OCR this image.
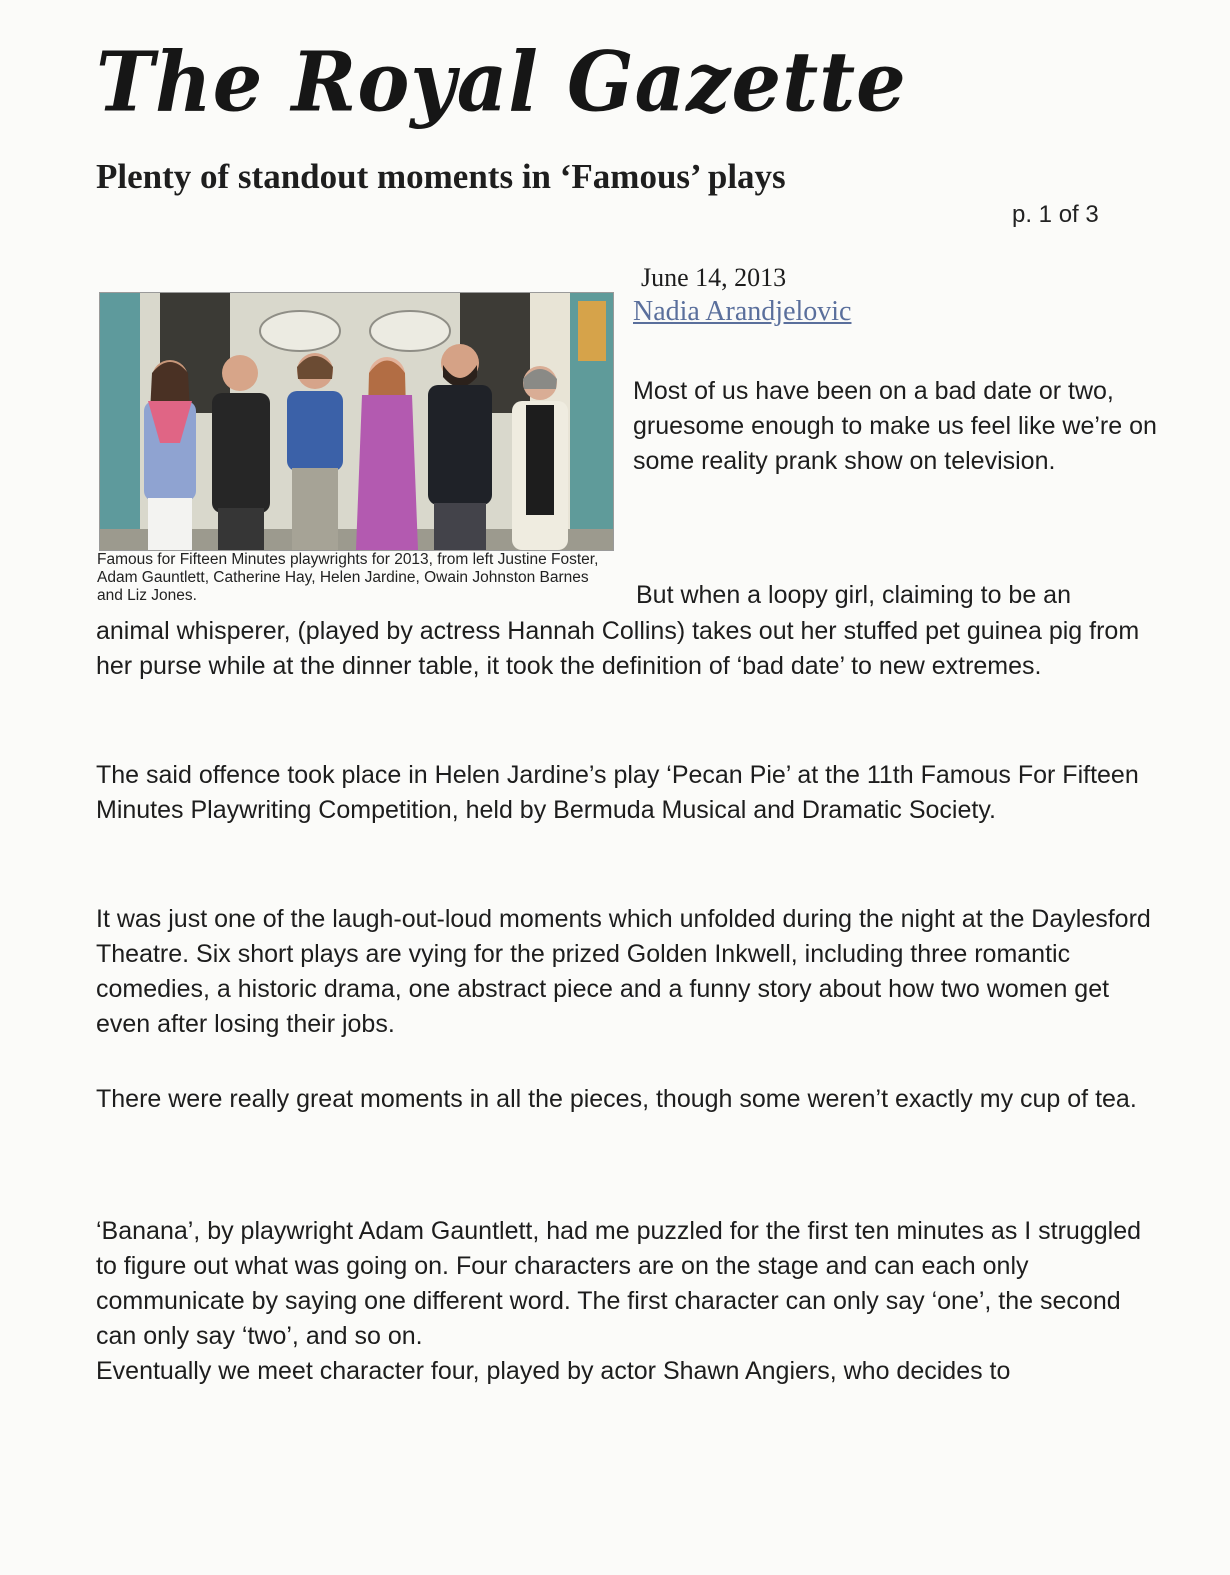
The Royal Gazette
Plenty of standout moments in ‘Famous’ plays
p. 1 of 3
June 14, 2013
Nadia Arandjelovic
Famous for Fifteen Minutes playwrights for 2013, from left Justine Foster, Adam Gauntlett, Catherine Hay, Helen Jardine, Owain Johnston Barnes and Liz Jones.
Most of us have been on a bad date or two, gruesome enough to make us feel like we’re on some reality prank show on television.
But when a loopy girl, claiming to be an
animal whisperer, (played by actress Hannah Collins) takes out her stuffed pet guinea pig from her purse while at the dinner table, it took the definition of ‘bad date’ to new extremes.

The said offence took place in Helen Jardine’s play ‘Pecan Pie’ at the 11th Famous For Fifteen Minutes Playwriting Competition, held by Bermuda Musical and Dramatic Society.

It was just one of the laugh-out-loud moments which unfolded during the night at the Daylesford Theatre. Six short plays are vying for the prized Golden Inkwell, including three romantic comedies, a historic drama, one abstract piece and a funny story about how two women get even after losing their jobs.

There were really great moments in all the pieces, though some weren’t exactly my cup of tea.

‘Banana’, by playwright Adam Gauntlett, had me puzzled for the first ten minutes as I struggled to figure out what was going on. Four characters are on the stage and can each only communicate by saying one different word. The first character can only say ‘one’, the second can only say ‘two’, and so on.

Eventually we meet character four, played by actor Shawn Angiers, who decides to
